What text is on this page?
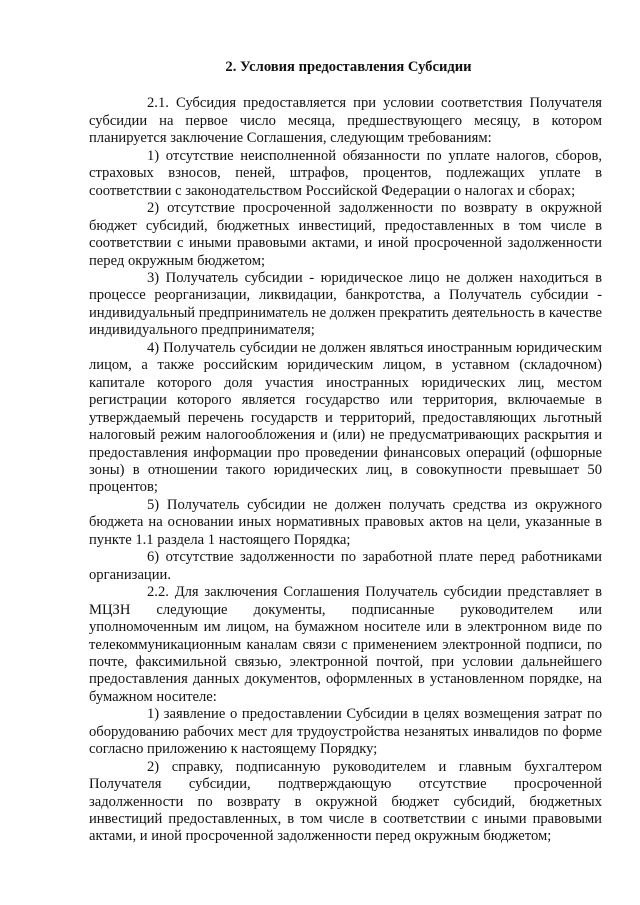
2. Условия предоставления Субсидии

2.1. Субсидия предоставляется при условии соответствия Получателя субсидии на первое число месяца, предшествующего месяцу, в котором планируется заключение Соглашения, следующим требованиям:

1) отсутствие неисполненной обязанности по уплате налогов, сборов, страховых взносов, пеней, штрафов, процентов, подлежащих уплате в соответствии с законодательством Российской Федерации о налогах и сборах;

2) отсутствие просроченной задолженности по возврату в окружной бюджет субсидий, бюджетных инвестиций, предоставленных в том числе в соответствии с иными правовыми актами, и иной просроченной задолженности перед окружным бюджетом;

3) Получатель субсидии - юридическое лицо не должен находиться в процессе реорганизации, ликвидации, банкротства, а Получатель субсидии - индивидуальный предприниматель не должен прекратить деятельность в качестве индивидуального предпринимателя;

4) Получатель субсидии не должен являться иностранным юридическим лицом, а также российским юридическим лицом, в уставном (складочном) капитале которого доля участия иностранных юридических лиц, местом регистрации которого является государство или территория, включаемые в утверждаемый перечень государств и территорий, предоставляющих льготный налоговый режим налогообложения и (или) не предусматривающих раскрытия и предоставления информации про проведении финансовых операций (офшорные зоны) в отношении такого юридических лиц, в совокупности превышает 50 процентов;

5) Получатель субсидии не должен получать средства из окружного бюджета на основании иных нормативных правовых актов на цели, указанные в пункте 1.1 раздела 1 настоящего Порядка;

6) отсутствие задолженности по заработной плате перед работниками организации.

2.2. Для заключения Соглашения Получатель субсидии представляет в МЦЗН следующие документы, подписанные руководителем или уполномоченным им лицом, на бумажном носителе или в электронном виде по телекоммуникационным каналам связи с применением электронной подписи, по почте, факсимильной связью, электронной почтой, при условии дальнейшего предоставления данных документов, оформленных в установленном порядке, на бумажном носителе:

1) заявление о предоставлении Субсидии в целях возмещения затрат по оборудованию рабочих мест для трудоустройства незанятых инвалидов по форме согласно приложению к настоящему Порядку;

2) справку, подписанную руководителем и главным бухгалтером Получателя субсидии, подтверждающую отсутствие просроченной задолженности по возврату в окружной бюджет субсидий, бюджетных инвестиций предоставленных, в том числе в соответствии с иными правовыми актами, и иной просроченной задолженности перед окружным бюджетом;
